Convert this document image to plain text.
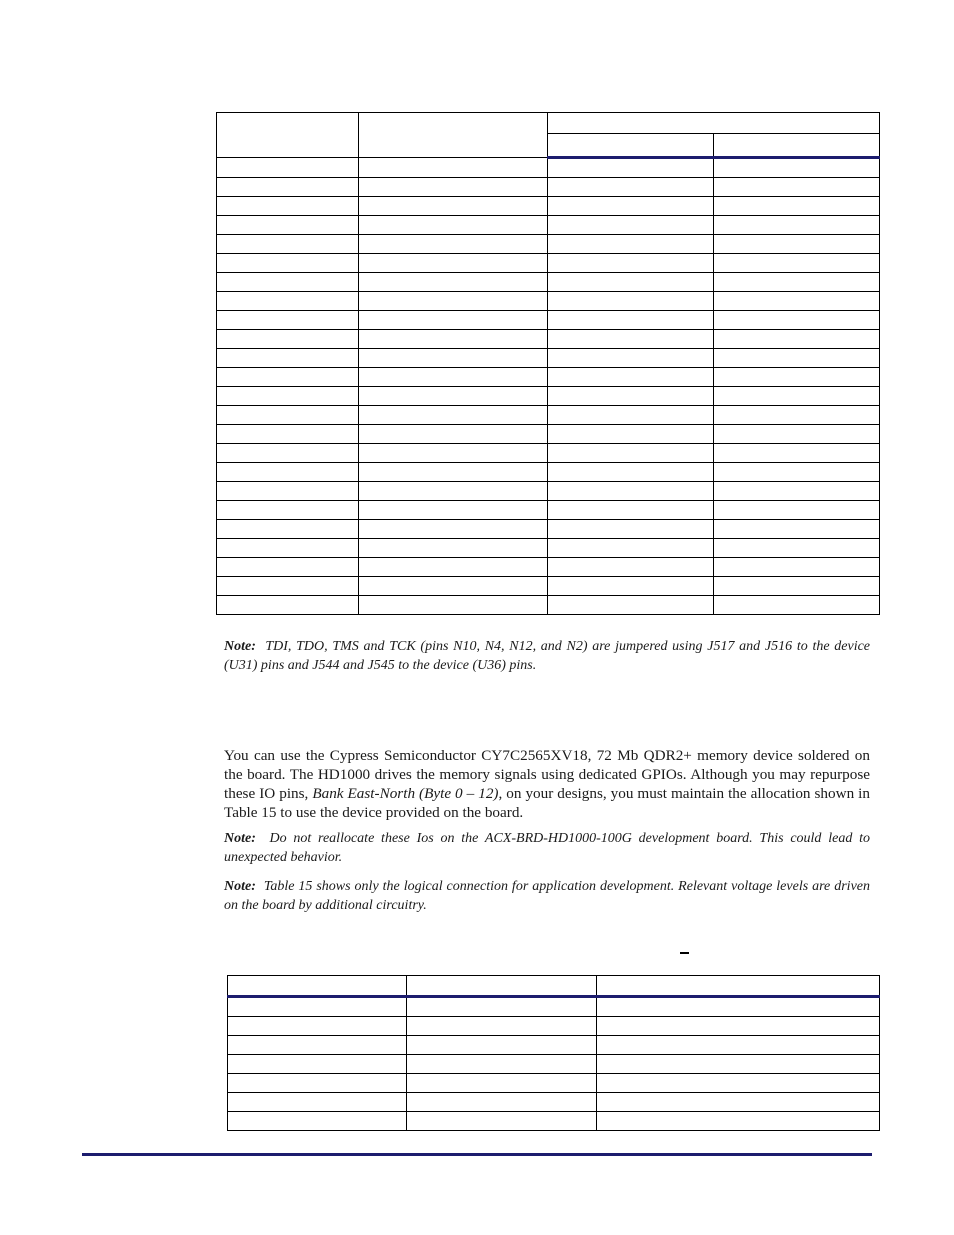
Note: TDI, TDO, TMS and TCK (pins N10, N4, N12, and N2) are jumpered using J517 and J516 to the device (U31) pins and J544 and J545 to the device (U36) pins.

You can use the Cypress Semiconductor CY7C2565XV18, 72 Mb QDR2+ memory device soldered on the board. The HD1000 drives the memory signals using dedicated GPIOs. Although you may repurpose these IO pins, Bank East-North (Byte 0 – 12), on your designs, you must maintain the allocation shown in Table 15 to use the device provided on the board.

Note: Do not reallocate these Ios on the ACX-BRD-HD1000-100G development board. This could lead to unexpected behavior.

Note: Table 15 shows only the logical connection for application development. Relevant voltage levels are driven on the board by additional circuitry.
